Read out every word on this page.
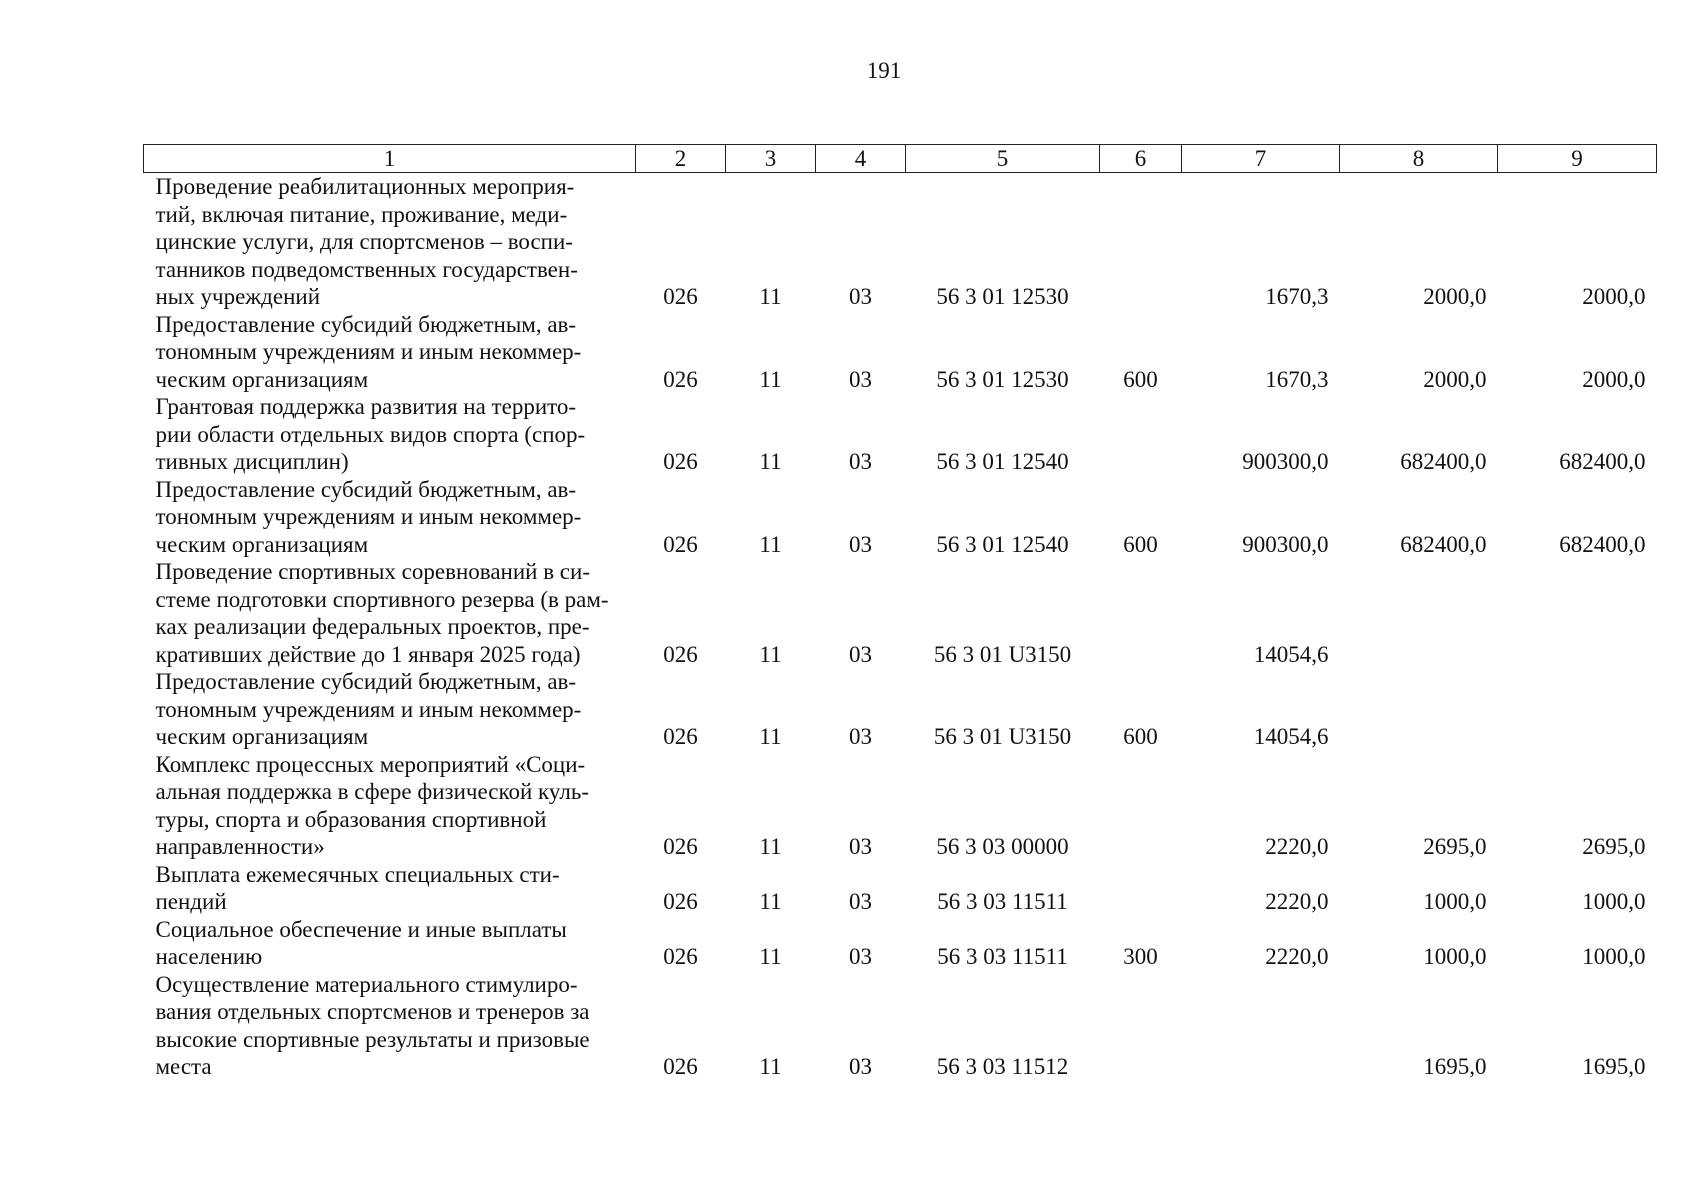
191
1	2	3	4	5	6	7	8	9

Проведение реабилитационных мероприя-
тий, включая питание, проживание, меди-
цинские услуги, для спортсменов – воспи-
танников подведомственных государствен-
ных учреждений	026	11	03	56 3 01 12530		1670,3	2000,0	2000,0

Предоставление субсидий бюджетным, ав-
тономным учреждениям и иным некоммер-
ческим организациям	026	11	03	56 3 01 12530	600	1670,3	2000,0	2000,0

Грантовая поддержка развития на террито-
рии области отдельных видов спорта (спор-
тивных дисциплин)	026	11	03	56 3 01 12540		900300,0	682400,0	682400,0

Предоставление субсидий бюджетным, ав-
тономным учреждениям и иным некоммер-
ческим организациям	026	11	03	56 3 01 12540	600	900300,0	682400,0	682400,0

Проведение спортивных соревнований в си-
стеме подготовки спортивного резерва (в рам-
ках реализации федеральных проектов, пре-
кративших действие до 1 января 2025 года)	026	11	03	56 3 01 U3150		14054,6		

Предоставление субсидий бюджетным, ав-
тономным учреждениям и иным некоммер-
ческим организациям	026	11	03	56 3 01 U3150	600	14054,6		

Комплекс процессных мероприятий «Соци-
альная поддержка в сфере физической куль-
туры, спорта и образования спортивной
направленности»	026	11	03	56 3 03 00000		2220,0	2695,0	2695,0

Выплата ежемесячных специальных сти-
пендий	026	11	03	56 3 03 11511		2220,0	1000,0	1000,0

Социальное обеспечение и иные выплаты
населению	026	11	03	56 3 03 11511	300	2220,0	1000,0	1000,0

Осуществление материального стимулиро-
вания отдельных спортсменов и тренеров за
высокие спортивные результаты и призовые
места	026	11	03	56 3 03 11512			1695,0	1695,0
